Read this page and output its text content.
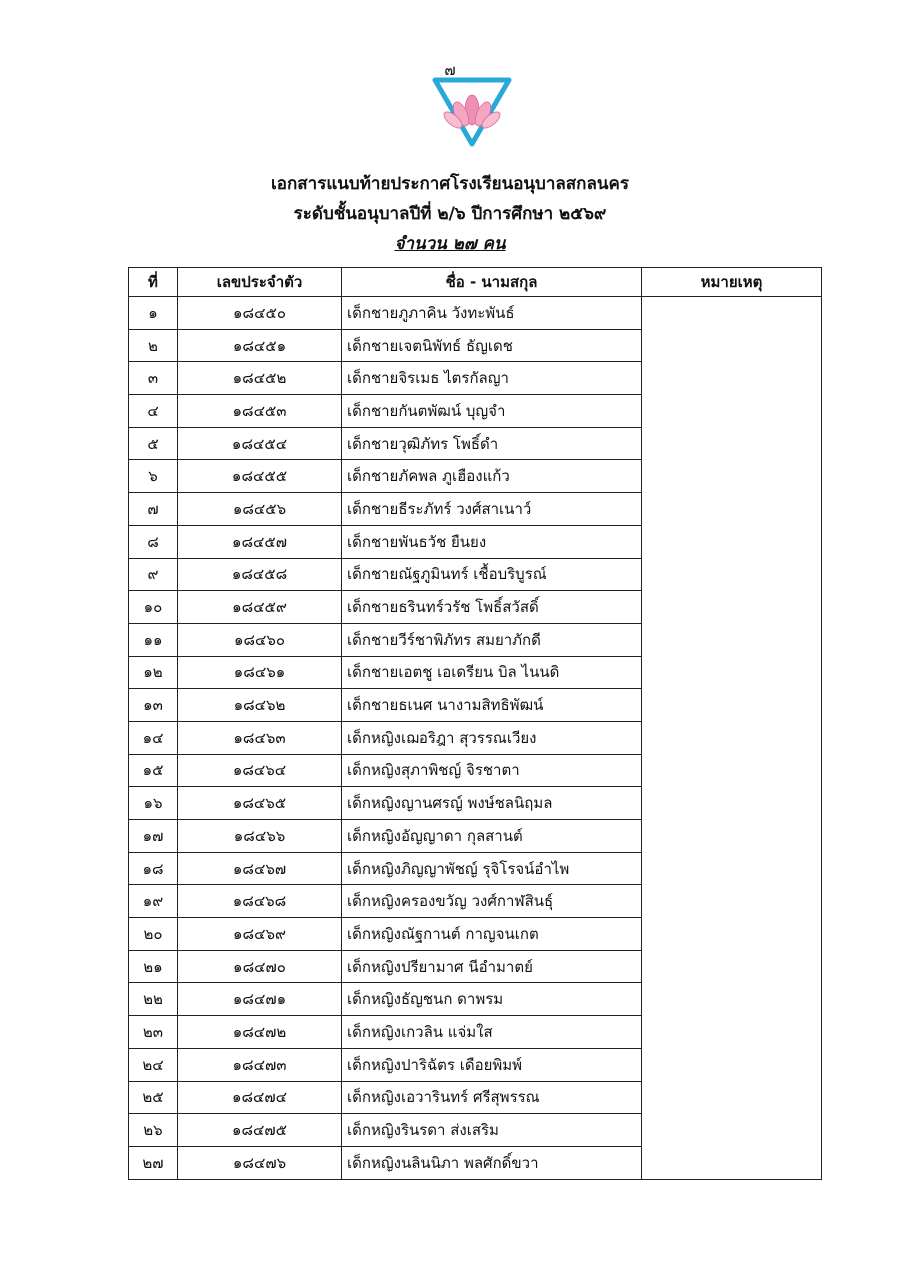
๗
เอกสารแนบท้ายประกาศโรงเรียนอนุบาลสกลนคร
ระดับชั้นอนุบาลปีที่ ๒/๖ ปีการศึกษา ๒๕๖๙
จำนวน ๒๗ คน
ที่	เลขประจำตัว	ชื่อ - นามสกุล	หมายเหตุ
๑	๑๘๔๕๐	เด็กชายภูภาคิน วังทะพันธ์	
๒	๑๘๔๕๑	เด็กชายเจตนิพัทธ์ ธัญเดช	
๓	๑๘๔๕๒	เด็กชายจิรเมธ ไตรกัลญา	
๔	๑๘๔๕๓	เด็กชายกันตพัฒน์ บุญจำ	
๕	๑๘๔๕๔	เด็กชายวุฒิภัทร โพธิ์ดำ	
๖	๑๘๔๕๕	เด็กชายภัคพล ภูเฮืองแก้ว	
๗	๑๘๔๕๖	เด็กชายธีระภัทร์ วงศ์สาเนาว์	
๘	๑๘๔๕๗	เด็กชายพันธวัช ยืนยง	
๙	๑๘๔๕๘	เด็กชายณัฐภูมินทร์ เชื้อบริบูรณ์	
๑๐	๑๘๔๕๙	เด็กชายธรินทร์วรัช โพธิ์สวัสดิ์	
๑๑	๑๘๔๖๐	เด็กชายวีร์ชาพิภัทร สมยาภักดี	
๑๒	๑๘๔๖๑	เด็กชายเอตชู เอเดรียน บิล ไนนดิ	
๑๓	๑๘๔๖๒	เด็กชายธเนศ นางามสิทธิพัฒน์	
๑๔	๑๘๔๖๓	เด็กหญิงเฌอริฎา สุวรรณเวียง	
๑๕	๑๘๔๖๔	เด็กหญิงสุภาพิชญ์ จิรชาตา	
๑๖	๑๘๔๖๕	เด็กหญิงญานศรญ์ พงษ์ชลนิฤมล	
๑๗	๑๘๔๖๖	เด็กหญิงอัญญาดา กุลสานต์	
๑๘	๑๘๔๖๗	เด็กหญิงภิญญาพัชญ์ รุจิโรจน์อำไพ	
๑๙	๑๘๔๖๘	เด็กหญิงครองขวัญ วงศ์กาฬสินธุ์	
๒๐	๑๘๔๖๙	เด็กหญิงณัฐกานต์ กาญจนเกต	
๒๑	๑๘๔๗๐	เด็กหญิงปรียามาศ นีอำมาตย์	
๒๒	๑๘๔๗๑	เด็กหญิงธัญชนก ดาพรม	
๒๓	๑๘๔๗๒	เด็กหญิงเกวลิน แจ่มใส	
๒๔	๑๘๔๗๓	เด็กหญิงปาริฉัตร เดือยพิมพ์	
๒๕	๑๘๔๗๔	เด็กหญิงเอวารินทร์ ศรีสุพรรณ	
๒๖	๑๘๔๗๕	เด็กหญิงรินรดา ส่งเสริม	
๒๗	๑๘๔๗๖	เด็กหญิงนลินนิภา พลศักดิ์ขวา	
